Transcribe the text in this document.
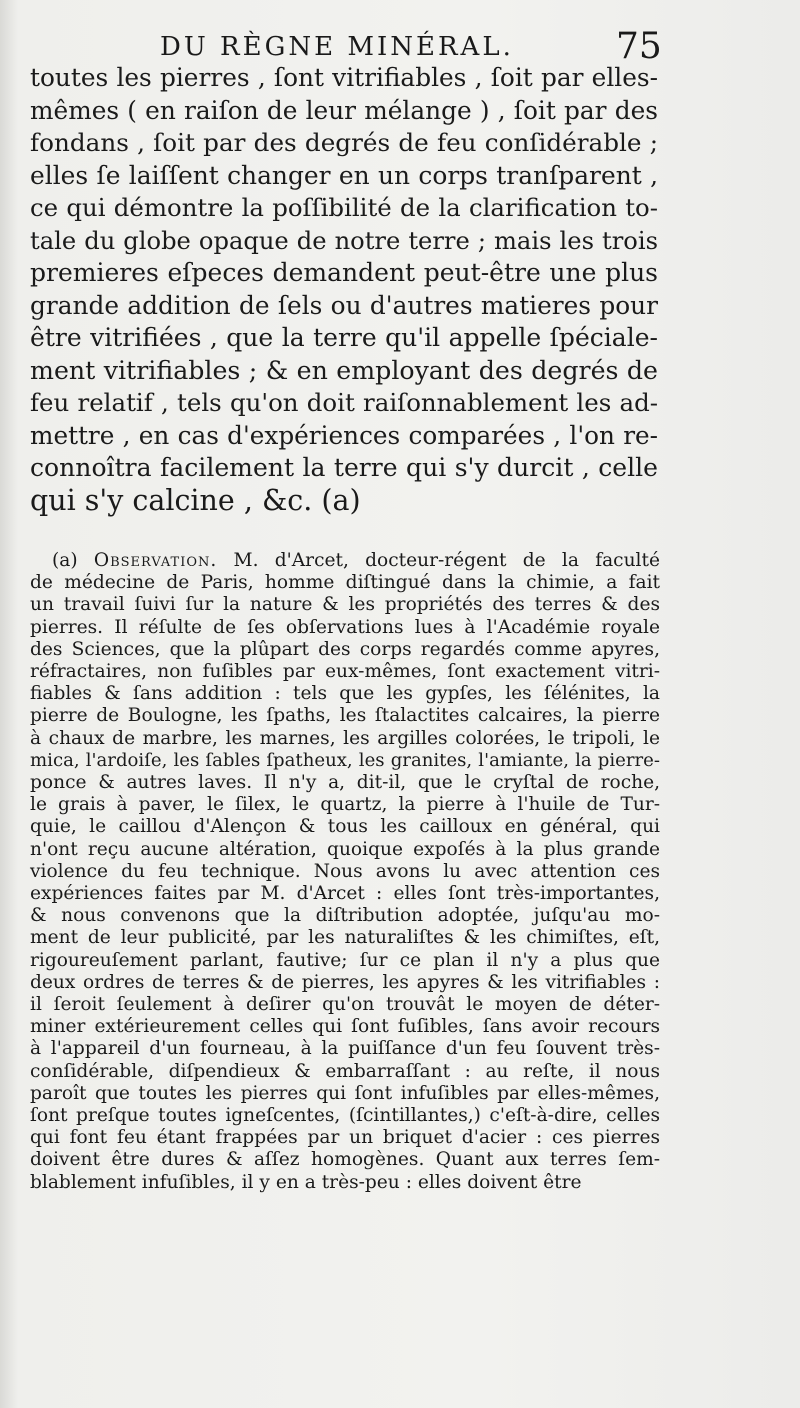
DU RÈGNE MINÉRAL.	75
toutes les pierres , ſont vitrifiables , ſoit par elles-
mêmes ( en raiſon de leur mélange ) , ſoit par des
fondans , ſoit par des degrés de feu conſidérable ;
elles ſe laiſſent changer en un corps tranſparent ,
ce qui démontre la poſſibilité de la clarification to-
tale du globe opaque de notre terre ; mais les trois
premieres eſpeces demandent peut-être une plus
grande addition de ſels ou d'autres matieres pour
être vitrifiées , que la terre qu'il appelle ſpéciale-
ment vitrifiables ; & en employant des degrés de
feu relatif , tels qu'on doit raiſonnablement les ad-
mettre , en cas d'expériences comparées , l'on re-
connoîtra facilement la terre qui s'y durcit , celle
qui s'y calcine , &c. (a)
(a) Observation. M. d'Arcet, docteur-régent de la faculté
de médecine de Paris, homme diſtingué dans la chimie, a fait
un travail ſuivi ſur la nature & les propriétés des terres & des
pierres. Il réſulte de ſes obſervations lues à l'Académie royale
des Sciences, que la plûpart des corps regardés comme apyres,
réfractaires, non fuſibles par eux-mêmes, ſont exactement vitri-
fiables & ſans addition : tels que les gypſes, les ſélénites, la
pierre de Boulogne, les ſpaths, les ſtalactites calcaires, la pierre
à chaux de marbre, les marnes, les argilles colorées, le tripoli, le
mica, l'ardoiſe, les ſables ſpatheux, les granites, l'amiante, la pierre-
ponce & autres laves. Il n'y a, dit-il, que le cryſtal de roche,
le grais à paver, le ſilex, le quartz, la pierre à l'huile de Tur-
quie, le caillou d'Alençon & tous les cailloux en général, qui
n'ont reçu aucune altération, quoique expoſés à la plus grande
violence du feu technique. Nous avons lu avec attention ces
expériences faites par M. d'Arcet : elles ſont très-importantes,
& nous convenons que la diſtribution adoptée, juſqu'au mo-
ment de leur publicité, par les naturaliſtes & les chimiſtes, eſt,
rigoureuſement parlant, fautive; ſur ce plan il n'y a plus que
deux ordres de terres & de pierres, les apyres & les vitrifiables :
il ſeroit ſeulement à deſirer qu'on trouvât le moyen de déter-
miner extérieurement celles qui ſont fuſibles, ſans avoir recours
à l'appareil d'un fourneau, à la puiſſance d'un feu ſouvent très-
conſidérable, diſpendieux & embarraſſant : au reſte, il nous
paroît que toutes les pierres qui ſont infuſibles par elles-mêmes,
ſont preſque toutes igneſcentes, (ſcintillantes,) c'eſt-à-dire, celles
qui font feu étant frappées par un briquet d'acier : ces pierres
doivent être dures & aſſez homogènes. Quant aux terres ſem-
blablement infuſibles, il y en a très-peu : elles doivent être
